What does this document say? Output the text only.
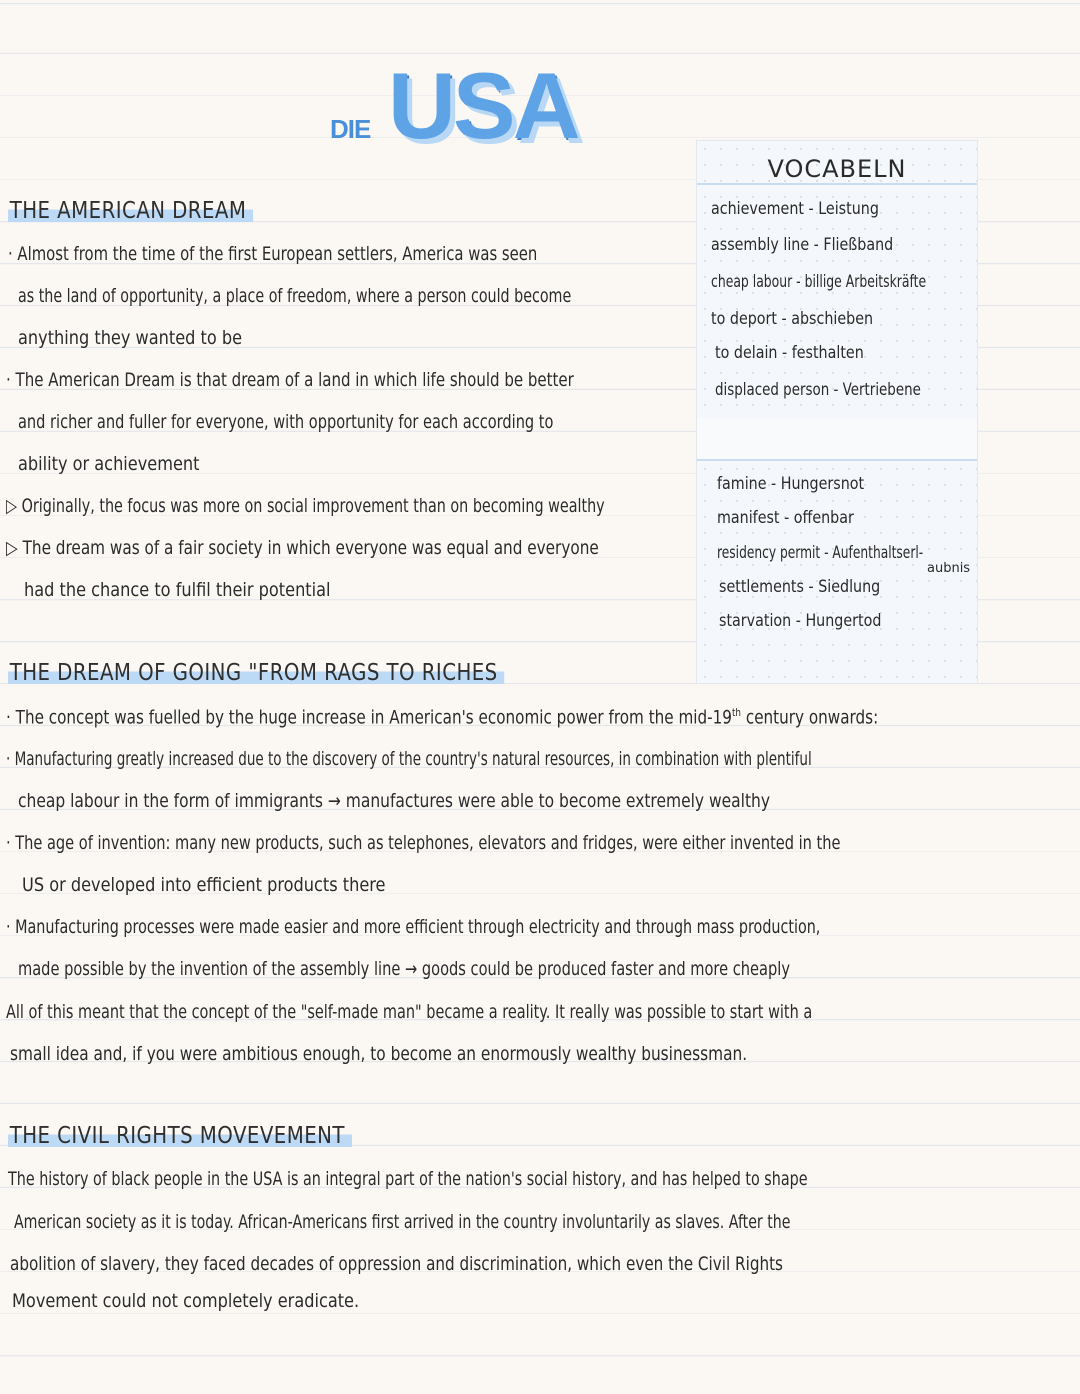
DIE USA
VOCABELN
achievement - Leistung
assembly line - Fließband
cheap labour - billige Arbeitskräfte
to deport - abschieben
to delain - festhalten
displaced person - Vertriebene
famine - Hungersnot
manifest - offenbar
residency permit - Aufenthaltserl-
aubnis
settlements - Siedlung
starvation - Hungertod
THE AMERICAN DREAM
· Almost from the time of the first European settlers, America was seen
as the land of opportunity, a place of freedom, where a person could become
anything they wanted to be
· The American Dream is that dream of a land in which life should be better
and richer and fuller for everyone, with opportunity for each according to
ability or achievement
▷ Originally, the focus was more on social improvement than on becoming wealthy
▷ The dream was of a fair society in which everyone was equal and everyone
had the chance to fulfil their potential
THE DREAM OF GOING "FROM RAGS TO RICHES
· The concept was fuelled by the huge increase in American's economic power from the mid-19th century onwards:
· Manufacturing greatly increased due to the discovery of the country's natural resources, in combination with plentiful
cheap labour in the form of immigrants → manufactures were able to become extremely wealthy
· The age of invention: many new products, such as telephones, elevators and fridges, were either invented in the
US or developed into efficient products there
· Manufacturing processes were made easier and more efficient through electricity and through mass production,
made possible by the invention of the assembly line → goods could be produced faster and more cheaply
All of this meant that the concept of the "self-made man" became a reality. It really was possible to start with a
small idea and, if you were ambitious enough, to become an enormously wealthy businessman.
THE CIVIL RIGHTS MOVEVEMENT
The history of black people in the USA is an integral part of the nation's social history, and has helped to shape
American society as it is today. African-Americans first arrived in the country involuntarily as slaves. After the
abolition of slavery, they faced decades of oppression and discrimination, which even the Civil Rights
Movement could not completely eradicate.
